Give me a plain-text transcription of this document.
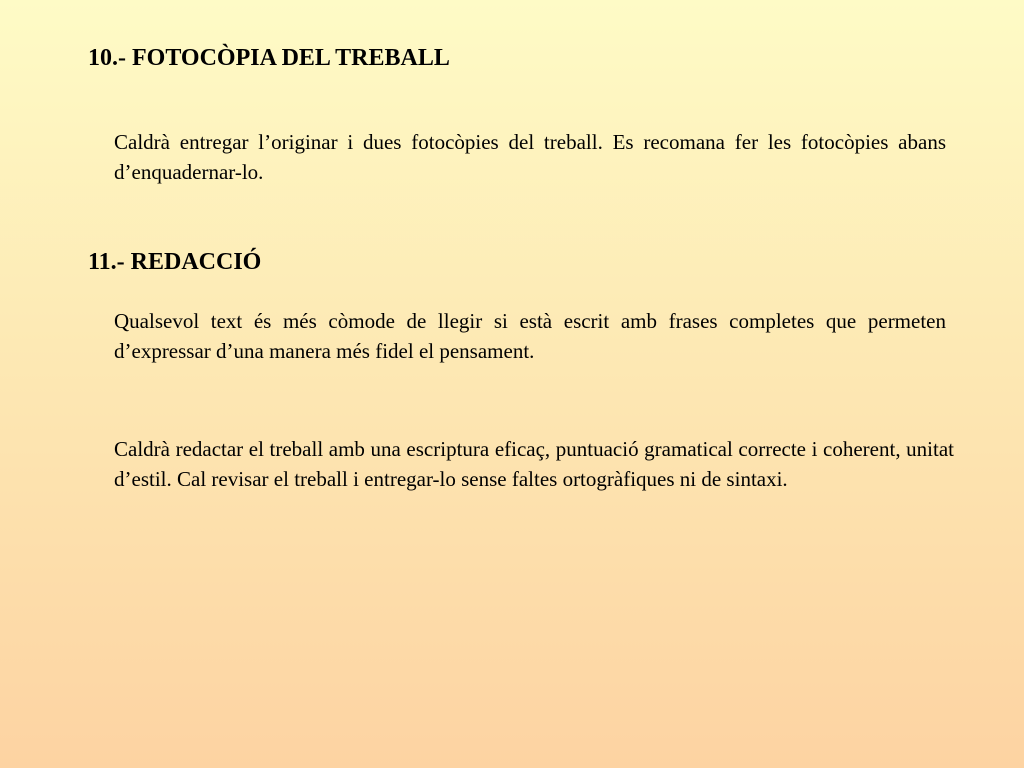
10.- FOTOCÒPIA DEL TREBALL

Caldrà entregar l’originar i dues fotocòpies del treball. Es recomana fer les fotocòpies abans d’enquadernar-lo.

11.- REDACCIÓ

Qualsevol text és més còmode de llegir si està escrit amb frases completes que permeten d’expressar d’una manera més fidel el pensament.

Caldrà redactar el treball amb una escriptura eficaç, puntuació gramatical correcte i coherent, unitat d’estil. Cal revisar el treball i entregar-lo sense faltes ortogràfiques ni de sintaxi.
